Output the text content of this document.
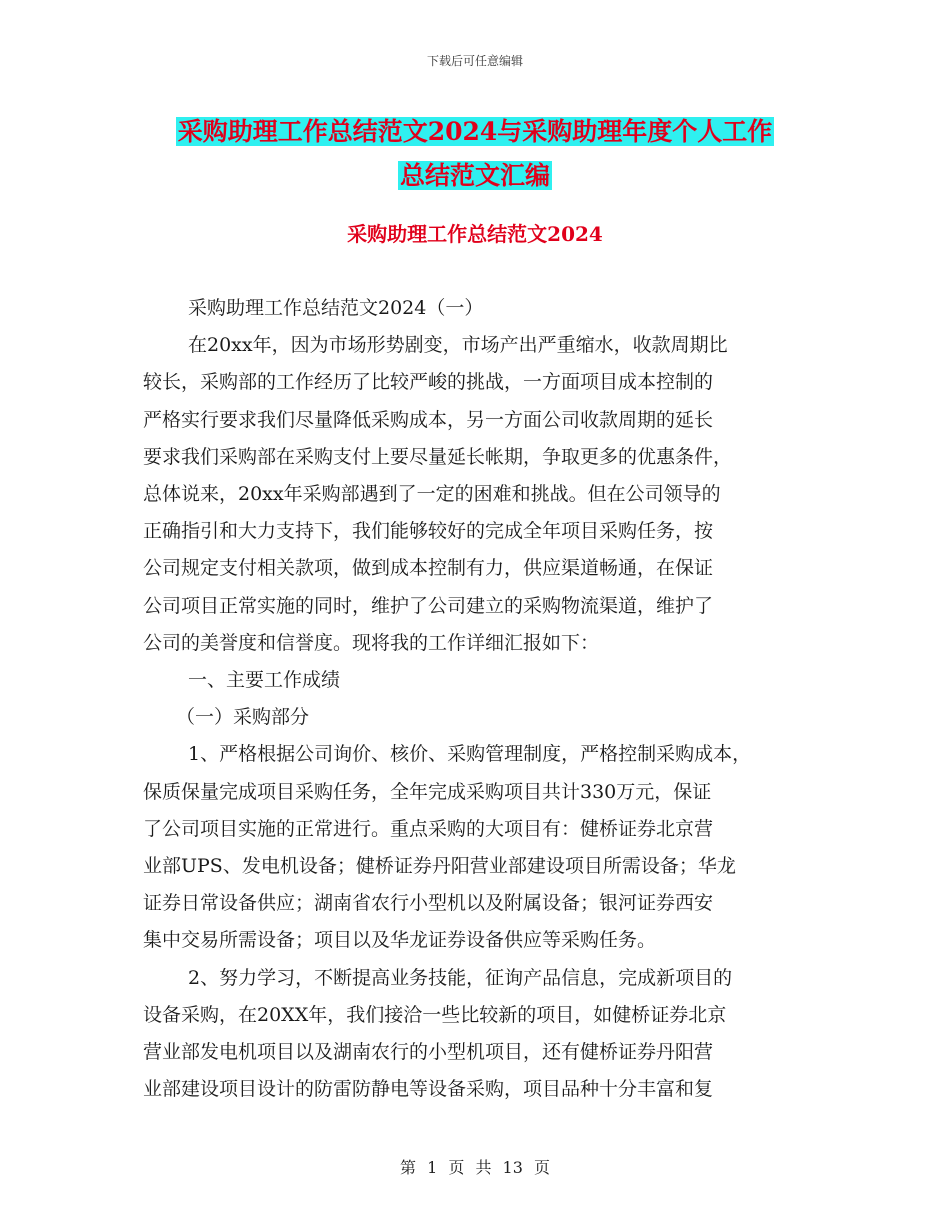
下载后可任意编辑
采购助理工作总结范文2024与采购助理年度个人工作
总结范文汇编
采购助理工作总结范文2024

采购助理工作总结范文2024（一）

在20xx年，因为市场形势剧变，市场产出严重缩水，收款周期比

较长，采购部的工作经历了比较严峻的挑战，一方面项目成本控制的

严格实行要求我们尽量降低采购成本，另一方面公司收款周期的延长

要求我们采购部在采购支付上要尽量延长帐期，争取更多的优惠条件，

总体说来，20xx年采购部遇到了一定的困难和挑战。但在公司领导的

正确指引和大力支持下，我们能够较好的完成全年项目采购任务，按

公司规定支付相关款项，做到成本控制有力，供应渠道畅通，在保证

公司项目正常实施的同时，维护了公司建立的采购物流渠道，维护了

公司的美誉度和信誉度。现将我的工作详细汇报如下：

一、主要工作成绩

（一）采购部分

1、严格根据公司询价、核价、采购管理制度，严格控制采购成本，

保质保量完成项目采购任务，全年完成采购项目共计330万元，保证

了公司项目实施的正常进行。重点采购的大项目有：健桥证券北京营

业部UPS、发电机设备；健桥证券丹阳营业部建设项目所需设备；华龙

证券日常设备供应；湖南省农行小型机以及附属设备；银河证券西安

集中交易所需设备；项目以及华龙证券设备供应等采购任务。

2、努力学习，不断提高业务技能，征询产品信息，完成新项目的

设备采购，在20XX年，我们接洽一些比较新的项目，如健桥证券北京

营业部发电机项目以及湖南农行的小型机项目，还有健桥证券丹阳营

业部建设项目设计的防雷防静电等设备采购，项目品种十分丰富和复

第 1 页 共 13 页
